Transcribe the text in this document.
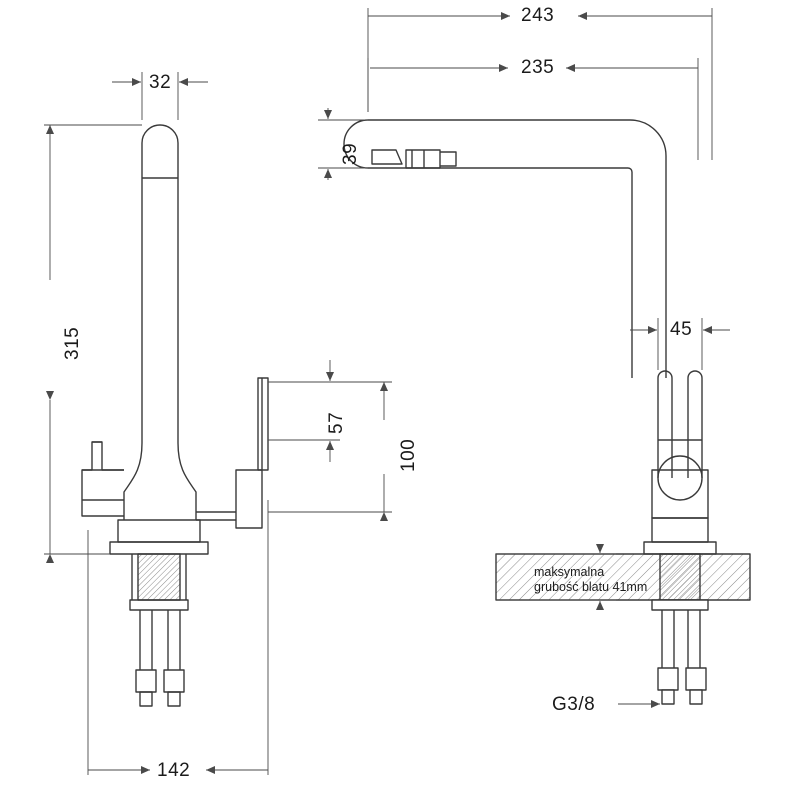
32
315
142
243
235
39
57
100
45
G3/8
maksymalna
grubość blatu 41mm
